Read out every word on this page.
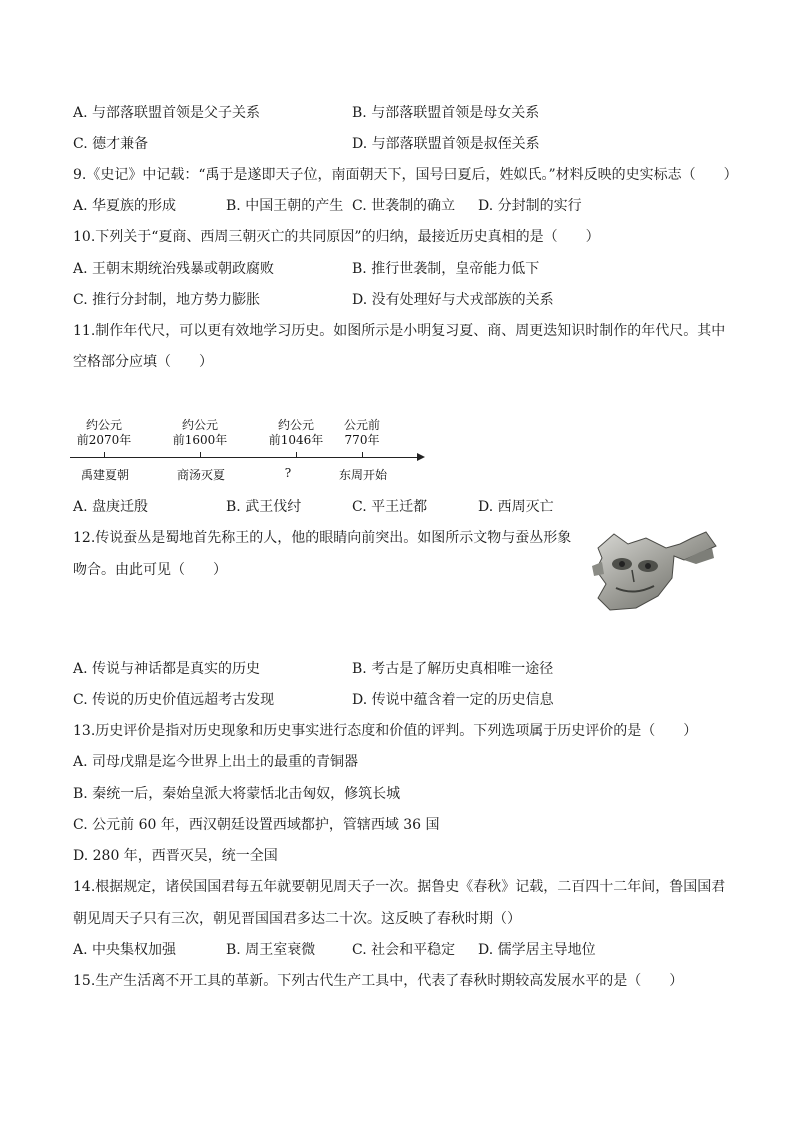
A. 与部落联盟首领是父子关系	B. 与部落联盟首领是母女关系
C. 德才兼备	D. 与部落联盟首领是叔侄关系
9.《史记》中记载：“禹于是遂即天子位，南面朝天下，国号曰夏后，姓姒氏。”材料反映的史实标志（　　）
A. 华夏族的形成	B. 中国王朝的产生 C. 世袭制的确立 D. 分封制的实行
10.下列关于“夏商、西周三朝灭亡的共同原因”的归纳，最接近历史真相的是（　　）
A. 王朝末期统治残暴或朝政腐败	B. 推行世袭制，皇帝能力低下
C. 推行分封制，地方势力膨胀	D. 没有处理好与犬戎部族的关系
11.制作年代尺，可以更有效地学习历史。如图所示是小明复习夏、商、周更迭知识时制作的年代尺。其中
空格部分应填（　　）
约公元
前2070年
约公元
前1600年
约公元
前1046年
公元前
770年
禹建夏朝	商汤灭夏	?	东周开始
A. 盘庚迁殷	B. 武王伐纣	C. 平王迁都	D. 西周灭亡
12.传说蚕丛是蜀地首先称王的人，他的眼睛向前突出。如图所示文物与蚕丛形象
吻合。由此可见（　　）
A. 传说与神话都是真实的历史	B. 考古是了解历史真相唯一途径
C. 传说的历史价值远超考古发现	D. 传说中蕴含着一定的历史信息
13.历史评价是指对历史现象和历史事实进行态度和价值的评判。下列选项属于历史评价的是（　　）
A. 司母戊鼎是迄今世界上出土的最重的青铜器
B. 秦统一后，秦始皇派大将蒙恬北击匈奴，修筑长城
C. 公元前 60 年，西汉朝廷设置西域都护，管辖西域 36 国
D. 280 年，西晋灭吴，统一全国
14.根据规定，诸侯国国君每五年就要朝见周天子一次。据鲁史《春秋》记载，二百四十二年间，鲁国国君
朝见周天子只有三次，朝见晋国国君多达二十次。这反映了春秋时期（）
A. 中央集权加强	B. 周王室衰微	C. 社会和平稳定 D. 儒学居主导地位
15.生产生活离不开工具的革新。下列古代生产工具中，代表了春秋时期较高发展水平的是（　　）
